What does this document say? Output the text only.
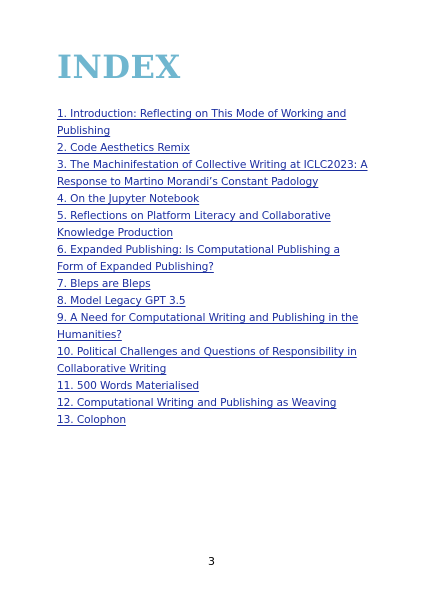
INDEX
1. Introduction: Reflecting on This Mode of Working and Publishing
2. Code Aesthetics Remix
3. The Machinifestation of Collective Writing at ICLC2023: A Response to Martino Morandi’s Constant Padology
4. On the Jupyter Notebook
5. Reflections on Platform Literacy and Collaborative Knowledge Production
6. Expanded Publishing: Is Computational Publishing a Form of Expanded Publishing?
7. Bleps are Bleps
8. Model Legacy GPT 3.5
9. A Need for Computational Writing and Publishing in the Humanities?
10. Political Challenges and Questions of Responsibility in Collaborative Writing
11. 500 Words Materialised
12. Computational Writing and Publishing as Weaving
13. Colophon
3
